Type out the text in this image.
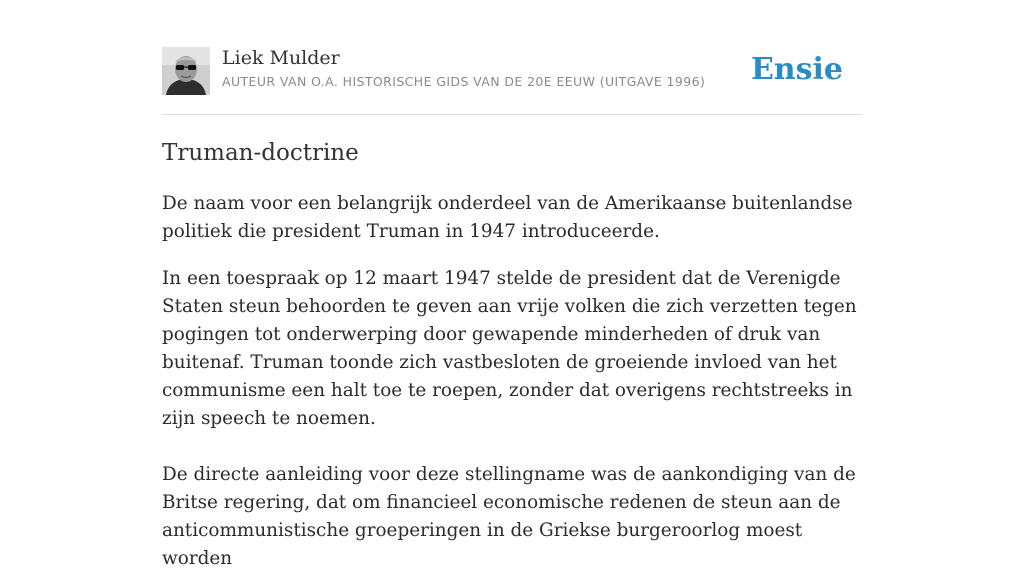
Liek Mulder
AUTEUR VAN O.A. HISTORISCHE GIDS VAN DE 20E EEUW (UITGAVE 1996) Ensie
Truman-doctrine

De naam voor een belangrijk onderdeel van de Amerikaanse buitenlandse politiek die president Truman in 1947 introduceerde.

In een toespraak op 12 maart 1947 stelde de president dat de Verenigde Staten steun behoorden te geven aan vrije volken die zich verzetten tegen pogingen tot onderwerping door gewapende minderheden of druk van buitenaf. Truman toonde zich vastbesloten de groeiende invloed van het communisme een halt toe te roepen, zonder dat overigens rechtstreeks in zijn speech te noemen.

De directe aanleiding voor deze stellingname was de aankondiging van de Britse regering, dat om financieel economische redenen de steun aan de anticommunistische groeperingen in de Griekse burgeroorlog moest worden
